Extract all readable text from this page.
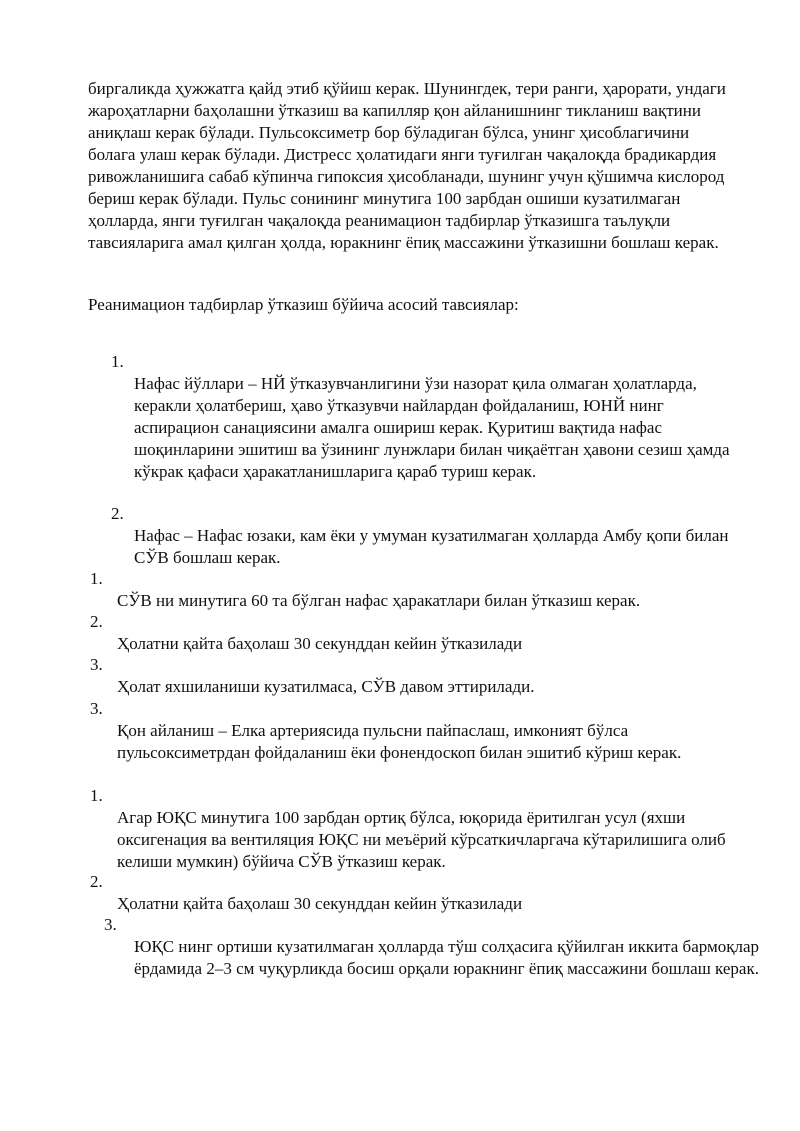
биргаликда ҳужжатга қайд этиб қўйиш керак. Шунингдек, тери ранги, ҳарорати, ундаги жароҳатларни баҳолашни ўтказиш ва капилляр қон айланишнинг тикланиш вақтини аниқлаш керак бўлади. Пульсоксиметр бор бўладиган бўлса, унинг ҳисоблагичини болага улаш керак бўлади. Дистресс ҳолатидаги янги туғилган чақалоқда брадикардия ривожланишига сабаб кўпинча гипоксия ҳисобланади, шунинг учун қўшимча кислород бериш керак бўлади. Пульс сонининг минутига 100 зарбдан ошиши кузатилмаган ҳолларда, янги туғилган чақалоқда реанимацион тадбирлар ўтказишга таълуқли тавсияларига амал қилган ҳолда, юракнинг ёпиқ массажини ўтказишни бошлаш керак.

Реанимацион тадбирлар ўтказиш бўйича асосий тавсиялар:

1.

Нафас йўллари – НЙ ўтказувчанлигини ўзи назорат қила олмаган ҳолатларда, керакли ҳолатбериш, ҳаво ўтказувчи найлардан фойдаланиш, ЮНЙ нинг аспирацион санациясини амалга ошириш керак. Қуритиш вақтида нафас шоқинларини эшитиш ва ўзининг лунжлари билан чиқаётган ҳавони сезиш ҳамда кўкрак қафаси ҳаракатланишларига қараб туриш керак.

2.

Нафас – Нафас юзаки, кам ёки у умуман кузатилмаган ҳолларда Амбу қопи билан СЎВ бошлаш керак.

1.

СЎВ ни минутига 60 та бўлган нафас ҳаракатлари билан ўтказиш керак.

2.

Ҳолатни қайта баҳолаш 30 секунддан кейин ўтказилади

3.

Ҳолат яхшиланиши кузатилмаса, СЎВ давом эттирилади.

3.

Қон айланиш – Елка артериясида пульсни пайпаслаш, имконият бўлса пульсоксиметрдан фойдаланиш ёки фонендоскоп билан эшитиб кўриш керак.

1.

Агар ЮҚС минутига 100 зарбдан ортиқ бўлса, юқорида ёритилган усул (яхши оксигенация ва вентиляция ЮҚС ни меъёрий кўрсаткичларгача кўтарилишига олиб келиши мумкин) бўйича СЎВ ўтказиш керак.

2.

Ҳолатни қайта баҳолаш 30 секунддан кейин ўтказилади

3.

ЮҚС нинг ортиши кузатилмаган ҳолларда тўш солҳасига қўйилган иккита бармоқлар ёрдамида 2–3 см чуқурликда босиш орқали юракнинг ёпиқ массажини бошлаш керак.
